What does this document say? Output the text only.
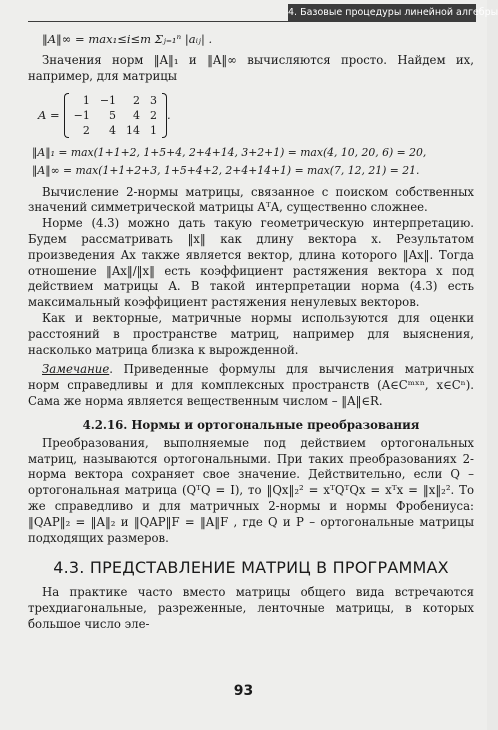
4. Базовые процедуры линейной алгебры
‖A‖∞ = max₁≤i≤m Σⱼ₌₁ⁿ |aᵢⱼ| .

Значения норм ‖A‖₁ и ‖A‖∞ вычисляются просто. Найдем их, например, для матрицы

A =
1	−1	2	3
−1	5	4	2
2	4	14	1
.
‖A‖₁ = max(1+1+2, 1+5+4, 2+4+14, 3+2+1) = max(4, 10, 20, 6) = 20,
‖A‖∞ = max(1+1+2+3, 1+5+4+2, 2+4+14+1) = max(7, 12, 21) = 21.

Вычисление 2-нормы матрицы, связанное с поиском собственных значений симметрической матрицы AᵀA, существенно сложнее.

Норме (4.3) можно дать такую геометрическую интерпретацию. Будем рассматривать ‖x‖ как длину вектора x. Результатом произведения Ax также является вектор, длина которого ‖Ax‖. Тогда отношение ‖Ax‖/‖x‖ есть коэффициент растяжения вектора x под действием матрицы A. В такой интерпретации норма (4.3) есть максимальный коэффициент растяжения ненулевых векторов.

Как и векторные, матричные нормы используются для оценки расстояний в пространстве матриц, например для выяснения, насколько матрица близка к вырожденной.

Замечание. Приведенные формулы для вычисления матричных норм справедливы и для комплексных пространств (A∈Cᵐˣⁿ, x∈Cⁿ). Сама же норма является вещественным числом – ‖A‖∈R.

4.2.16. Нормы и ортогональные преобразования

Преобразования, выполняемые под действием ортогональных матриц, называются ортогональными. При таких преобразованиях 2-норма вектора сохраняет свое значение. Действительно, если Q – ортогональная матрица (QᵀQ = I), то ‖Qx‖₂² = xᵀQᵀQx = xᵀx = ‖x‖₂². То же справедливо и для матричных 2-нормы и нормы Фробениуса: ‖QAP‖₂ = ‖A‖₂ и ‖QAP‖F = ‖A‖F , где Q и P – ортогональные матрицы подходящих размеров.

4.3. ПРЕДСТАВЛЕНИЕ МАТРИЦ В ПРОГРАММАХ

На практике часто вместо матрицы общего вида встречаются трехдиагональные, разреженные, ленточные матрицы, в которых большое число эле-

93
